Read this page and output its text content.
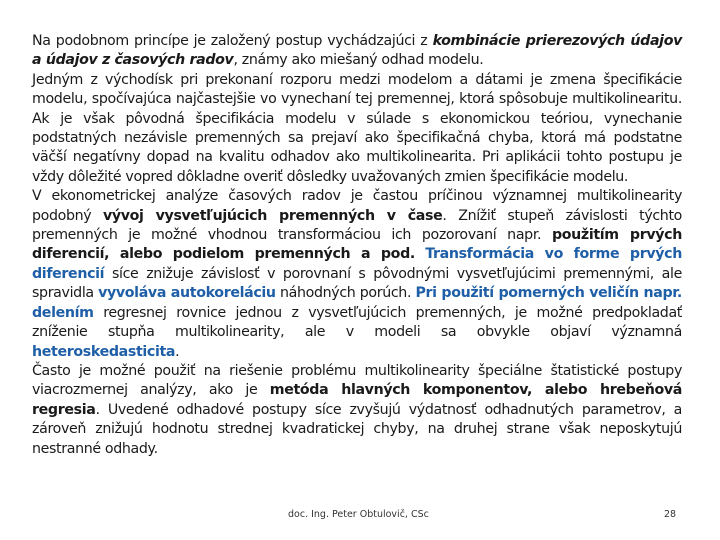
Na podobnom princípe je založený postup vychádzajúci z kombinácie prierezových údajov a údajov z časových radov, známy ako miešaný odhad modelu.

Jedným z východísk pri prekonaní rozporu medzi modelom a dátami je zmena špecifikácie modelu, spočívajúca najčastejšie vo vynechaní tej premennej, ktorá spôsobuje multikolinearitu. Ak je však pôvodná špecifikácia modelu v súlade s ekonomickou teóriou, vynechanie podstatných nezávisle premenných sa prejaví ako špecifikačná chyba, ktorá má podstatne väčší negatívny dopad na kvalitu odhadov ako multikolinearita. Pri aplikácii tohto postupu je vždy dôležité vopred dôkladne overiť dôsledky uvažovaných zmien špecifikácie modelu.

V ekonometrickej analýze časových radov je častou príčinou významnej multikolinearity podobný vývoj vysvetľujúcich premenných v čase. Znížiť stupeň závislosti týchto premenných je možné vhodnou transformáciou ich pozorovaní napr. použitím prvých diferencií, alebo podielom premenných a pod. Transformácia vo forme prvých diferencií síce znižuje závislosť v porovnaní s pôvodnými vysvetľujúcimi premennými, ale spravidla vyvoláva autokoreláciu náhodných porúch. Pri použití pomerných veličín napr. delením regresnej rovnice jednou z vysvetľujúcich premenných, je možné predpokladať zníženie stupňa multikolinearity, ale v modeli sa obvykle objaví významná heteroskedasticita.

Často je možné použiť na riešenie problému multikolinearity špeciálne štatistické postupy viacrozmernej analýzy, ako je metóda hlavných komponentov, alebo hrebeňová regresia. Uvedené odhadové postupy síce zvyšujú výdatnosť odhadnutých parametrov, a zároveň znižujú hodnotu strednej kvadratickej chyby, na druhej strane však neposkytujú nestranné odhady.

doc. Ing. Peter Obtulovič, CSc	28
